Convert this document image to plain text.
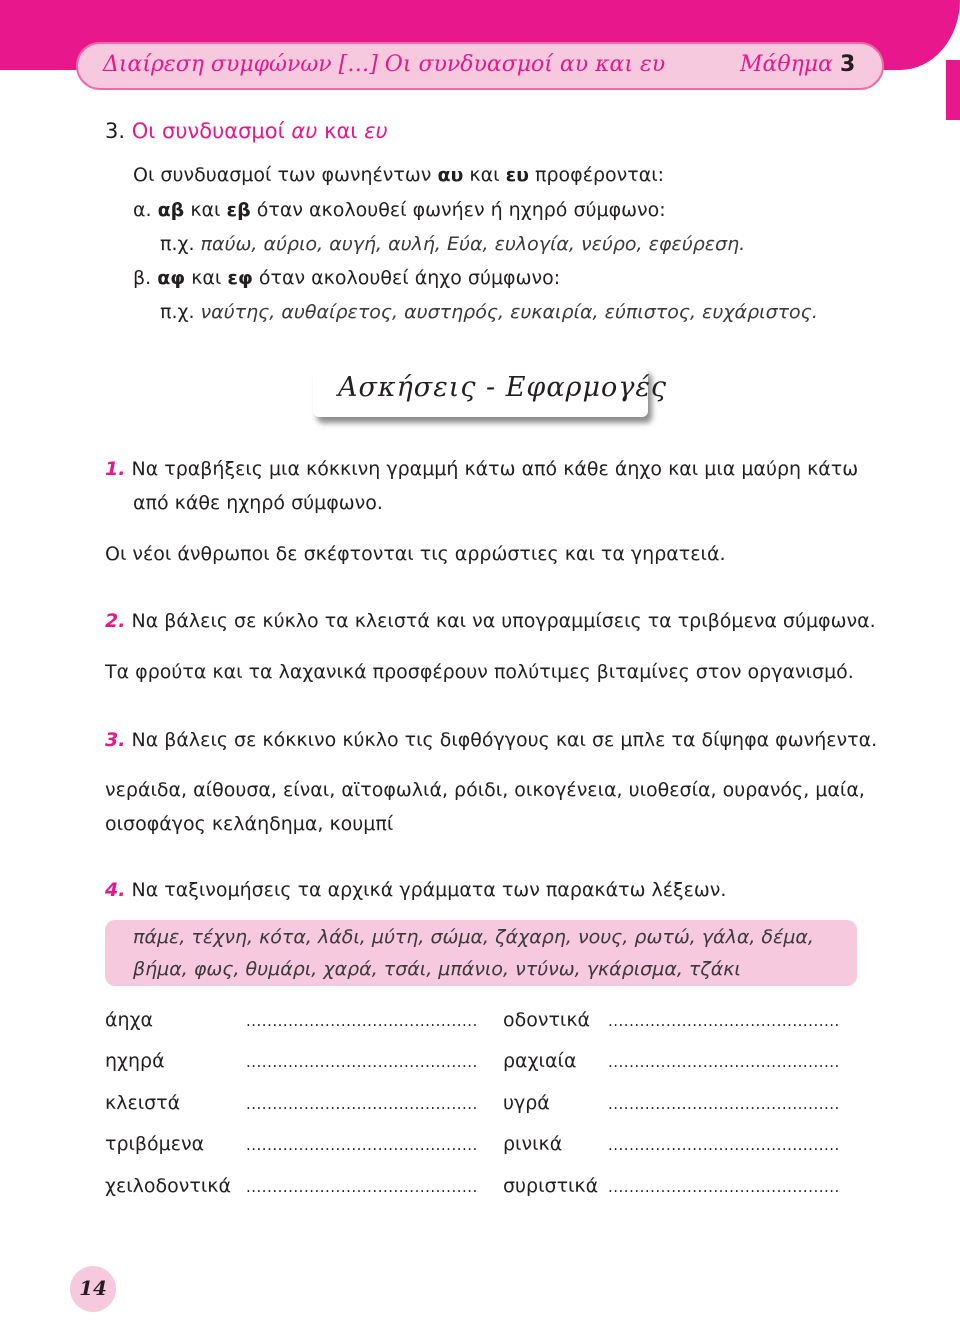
Διαίρεση συμφώνων […] Οι συνδυασμοί αυ και ευ	Μάθημα 3
3. Οι συνδυασμοί αυ και ευ
Οι συνδυασμοί των φωνηέντων αυ και ευ προφέρονται:
α. αβ και εβ όταν ακολουθεί φωνήεν ή ηχηρό σύμφωνο:
π.χ. παύω, αύριο, αυγή, αυλή, Εύα, ευλογία, νεύρο, εφεύρεση.
β. αφ και εφ όταν ακολουθεί άηχο σύμφωνο:
π.χ. ναύτης, αυθαίρετος, αυστηρός, ευκαιρία, εύπιστος, ευχάριστος.
Ασκήσεις - Εφαρμογές
1. Να τραβήξεις μια κόκκινη γραμμή κάτω από κάθε άηχο και μια μαύρη κάτω
από κάθε ηχηρό σύμφωνο.
Οι νέοι άνθρωποι δε σκέφτονται τις αρρώστιες και τα γηρατειά.
2. Να βάλεις σε κύκλο τα κλειστά και να υπογραμμίσεις τα τριβόμενα σύμφωνα.
Τα φρούτα και τα λαχανικά προσφέρουν πολύτιμες βιταμίνες στον οργανισμό.
3. Να βάλεις σε κόκκινο κύκλο τις διφθόγγους και σε μπλε τα δίψηφα φωνήεντα.
νεράιδα, αίθουσα, είναι, αϊτοφωλιά, ρόιδι, οικογένεια, υιοθεσία, ουρανός, μαία,
οισοφάγος κελάηδημα, κουμπί
4. Να ταξινομήσεις τα αρχικά γράμματα των παρακάτω λέξεων.
πάμε, τέχνη, κότα, λάδι, μύτη, σώμα, ζάχαρη, νους, ρωτώ, γάλα, δέμα,
βήμα, φως, θυμάρι, χαρά, τσάι, μπάνιο, ντύνω, γκάρισμα, τζάκι
άηχα	............................................ οδοντικά ............................................
ηχηρά	............................................ ραχιαία ............................................
κλειστά	............................................ υγρά	............................................
τριβόμενα	............................................ ρινικά	............................................
χειλοδοντικά ............................................ συριστικά ............................................
14
